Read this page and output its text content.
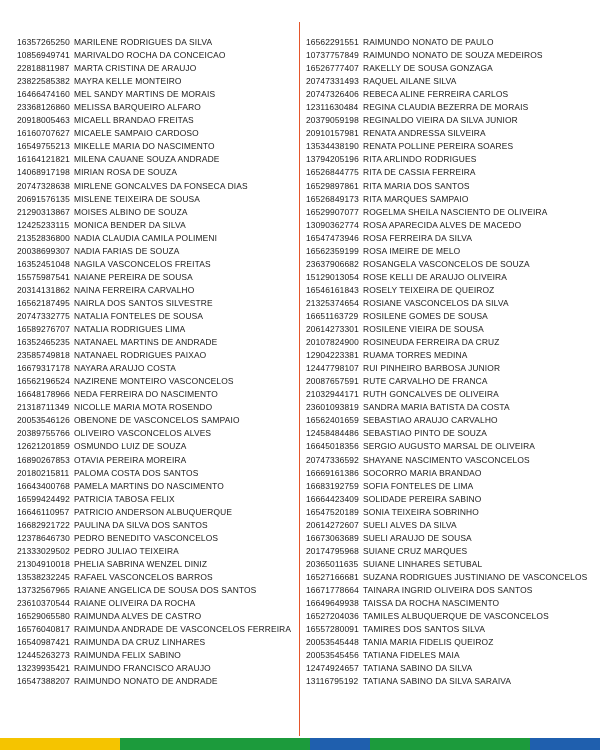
16357265250 MARILENE RODRIGUES DA SILVA
10856949741 MARIVALDO ROCHA DA CONCEICAO
22818811987 MARTA CRISTINA DE ARAUJO
23822585382 MAYRA KELLE MONTEIRO
16466474160 MEL SANDY MARTINS DE MORAIS
23368126860 MELISSA BARQUEIRO ALFARO
20918005463 MICAELL BRANDAO FREITAS
16160707627 MICAELE SAMPAIO CARDOSO
16549755213 MIKELLE MARIA DO NASCIMENTO
16164121821 MILENA CAUANE SOUZA ANDRADE
14068917198 MIRIAN ROSA DE SOUZA
20747328638 MIRLENE GONCALVES DA FONSECA DIAS
20691576135 MISLENE TEIXEIRA DE SOUSA
21290313867 MOISES ALBINO DE SOUZA
12425233115 MONICA BENDER DA SILVA
21352836800 NADIA CLAUDIA CAMILA POLIMENI
20038699307 NADIA FARIAS DE SOUZA
16352451048 NAGILA VASCONCELOS FREITAS
15575987541 NAIANE PEREIRA DE SOUSA
20314131862 NAINA FERREIRA CARVALHO
16562187495 NAIRLA DOS SANTOS SILVESTRE
20747332775 NATALIA FONTELES DE SOUSA
16589276707 NATALIA RODRIGUES LIMA
16352465235 NATANAEL MARTINS DE ANDRADE
23585749818 NATANAEL RODRIGUES PAIXAO
16679317178 NAYARA ARAUJO COSTA
16562196524 NAZIRENE MONTEIRO VASCONCELOS
16648178966 NEDA FERREIRA DO NASCIMENTO
21318711349 NICOLLE MARIA MOTA ROSENDO
20053546126 OBENONE DE VASCONCELOS SAMPAIO
20389755766 OLIVEIRO VASCONCELOS ALVES
12621201859 OSMUNDO LUIZ DE SOUZA
16890267853 OTAVIA PEREIRA MOREIRA
20180215811 PALOMA COSTA DOS SANTOS
16643400768 PAMELA MARTINS DO NASCIMENTO
16599424492 PATRICIA TABOSA FELIX
16646110957 PATRICIO ANDERSON ALBUQUERQUE
16682921722 PAULINA DA SILVA DOS SANTOS
12378646730 PEDRO BENEDITO VASCONCELOS
21333029502 PEDRO JULIAO TEIXEIRA
21304910018 PHELIA SABRINA WENZEL DINIZ
13538232245 RAFAEL VASCONCELOS BARROS
13732567965 RAIANE ANGELICA DE SOUSA DOS SANTOS
23610370544 RAIANE OLIVEIRA DA ROCHA
16529065580 RAIMUNDA ALVES DE CASTRO
16576040817 RAIMUNDA ANDRADE DE VASCONCELOS FERREIRA
16540987421 RAIMUNDA DA CRUZ LINHARES
12445263273 RAIMUNDA FELIX SABINO
13239935421 RAIMUNDO FRANCISCO ARAUJO
16547388207 RAIMUNDO NONATO DE ANDRADE
16562291551 RAIMUNDO NONATO DE PAULO
10737757849 RAIMUNDO NONATO DE SOUZA MEDEIROS
16526777407 RAKELLY DE SOUSA GONZAGA
20747331493 RAQUEL AILANE SILVA
20747326406 REBECA ALINE FERREIRA CARLOS
12311630484 REGINA CLAUDIA BEZERRA DE MORAIS
20379059198 REGINALDO VIEIRA DA SILVA JUNIOR
20910157981 RENATA ANDRESSA SILVEIRA
13534438190 RENATA POLLINE PEREIRA SOARES
13794205196 RITA ARLINDO RODRIGUES
16526844775 RITA DE CASSIA FERREIRA
16529897861 RITA MARIA DOS SANTOS
16526849173 RITA MARQUES SAMPAIO
16529907077 ROGELMA SHEILA NASCIENTO DE OLIVEIRA
13090362774 ROSA APARECIDA ALVES DE MACEDO
16547473946 ROSA FERREIRA DA SILVA
16562359199 ROSA IMEIRE DE MELO
23637906682 ROSANGELA VASCONCELOS DE SOUZA
15129013054 ROSE KELLI DE ARAUJO OLIVEIRA
16546161843 ROSELY TEIXEIRA DE QUEIROZ
21325374654 ROSIANE VASCONCELOS DA SILVA
16651163729 ROSILENE GOMES DE SOUSA
20614273301 ROSILENE VIEIRA DE SOUSA
20107824900 ROSINEUDA FERREIRA DA CRUZ
12904223381 RUAMA TORRES MEDINA
12447798107 RUI PINHEIRO BARBOSA JUNIOR
20087657591 RUTE CARVALHO DE FRANCA
21032944171 RUTH GONCALVES DE OLIVEIRA
23601093819 SANDRA MARIA BATISTA DA COSTA
16562401659 SEBASTIAO ARAUJO CARVALHO
12458484486 SEBASTIAO PINTO DE SOUZA
16645018356 SERGIO AUGUSTO MARSAL DE OLIVEIRA
20747336592 SHAYANE NASCIMENTO VASCONCELOS
16669161386 SOCORRO MARIA BRANDAO
16683192759 SOFIA FONTELES DE LIMA
16664423409 SOLIDADE PEREIRA SABINO
16547520189 SONIA TEIXEIRA SOBRINHO
20614272607 SUELI ALVES DA SILVA
16673063689 SUELI ARAUJO DE SOUSA
20174795968 SUIANE CRUZ MARQUES
20365011635 SUIANE LINHARES SETUBAL
16527166681 SUZANA RODRIGUES JUSTINIANO DE VASCONCELOS
16671778664 TAINARA INGRID OLIVEIRA DOS SANTOS
16649649938 TAISSA DA ROCHA NASCIMENTO
16527204036 TAMILES ALBUQUERQUE DE VASCONCELOS
16557280091 TAMIRES DOS SANTOS SILVA
20053545448 TANIA MARIA FIDELIS QUEIROZ
20053545456 TATIANA FIDELES MAIA
12474924657 TATIANA SABINO DA SILVA
13116795192 TATIANA SABINO DA SILVA SARAIVA
